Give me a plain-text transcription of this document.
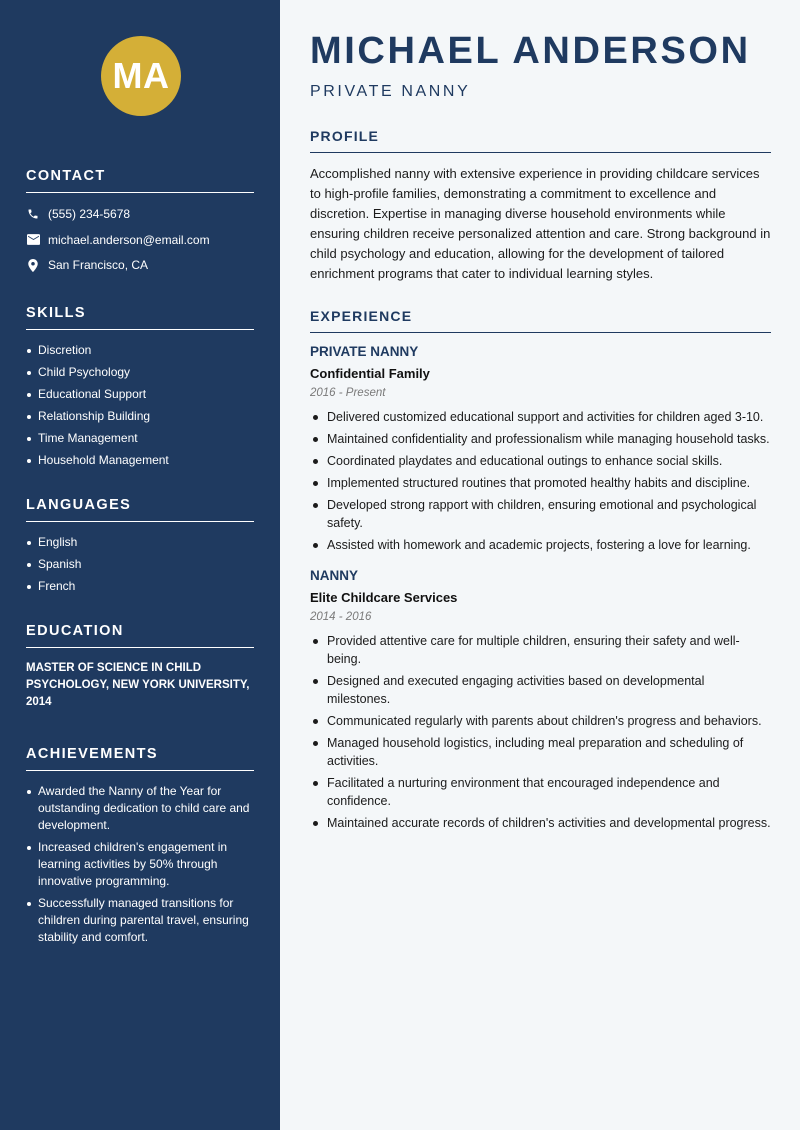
MA
CONTACT
(555) 234-5678
michael.anderson@email.com
San Francisco, CA
SKILLS
Discretion
Child Psychology
Educational Support
Relationship Building
Time Management
Household Management
LANGUAGES
English
Spanish
French
EDUCATION
MASTER OF SCIENCE IN CHILD PSYCHOLOGY, NEW YORK UNIVERSITY, 2014
ACHIEVEMENTS
Awarded the Nanny of the Year for outstanding dedication to child care and development.
Increased children's engagement in learning activities by 50% through innovative programming.
Successfully managed transitions for children during parental travel, ensuring stability and comfort.
MICHAEL ANDERSON
PRIVATE NANNY
PROFILE

Accomplished nanny with extensive experience in providing childcare services to high-profile families, demonstrating a commitment to excellence and discretion. Expertise in managing diverse household environments while ensuring children receive personalized attention and care. Strong background in child psychology and education, allowing for the development of tailored enrichment programs that cater to individual learning styles.

EXPERIENCE
PRIVATE NANNY
Confidential Family
2016 - Present
Delivered customized educational support and activities for children aged 3-10.
Maintained confidentiality and professionalism while managing household tasks.
Coordinated playdates and educational outings to enhance social skills.
Implemented structured routines that promoted healthy habits and discipline.
Developed strong rapport with children, ensuring emotional and psychological safety.
Assisted with homework and academic projects, fostering a love for learning.
NANNY
Elite Childcare Services
2014 - 2016
Provided attentive care for multiple children, ensuring their safety and well-being.
Designed and executed engaging activities based on developmental milestones.
Communicated regularly with parents about children's progress and behaviors.
Managed household logistics, including meal preparation and scheduling of activities.
Facilitated a nurturing environment that encouraged independence and confidence.
Maintained accurate records of children's activities and developmental progress.
